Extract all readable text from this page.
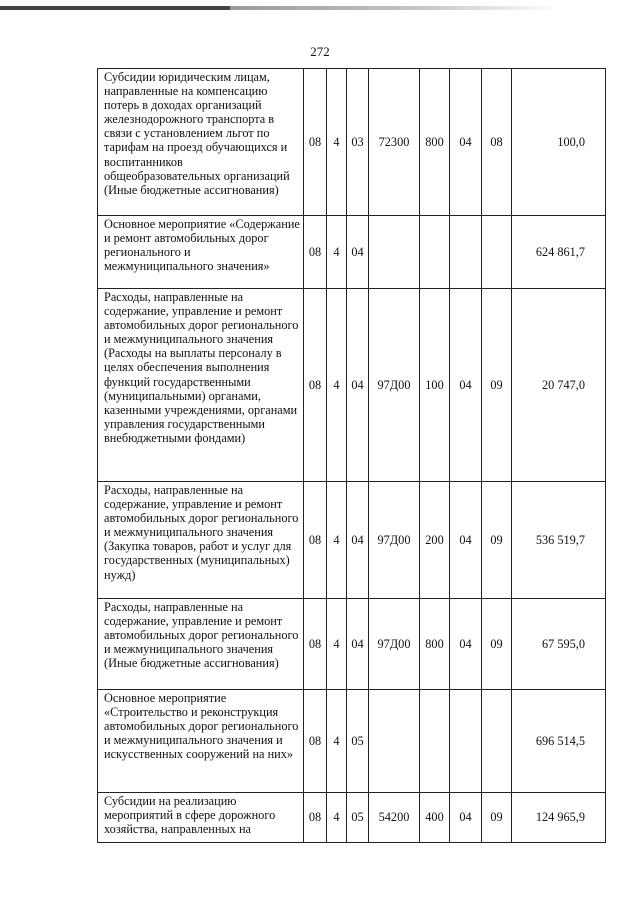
272
Субсидии юридическим лицам, направленные на компенсацию потерь в доходах организаций железнодорожного транспорта в связи с установлением льгот по тарифам на проезд обучающихся и воспитанников общеобразовательных организаций (Иные бюджетные ассигнования)	08	4	03	72300	800	04	08	100,0
Основное мероприятие «Содержание и ремонт автомобильных дорог регионального и межмуниципального значения»	08	4	04					624 861,7
Расходы, направленные на содержание, управление и ремонт автомобильных дорог регионального и межмуниципального значения (Расходы на выплаты персоналу в целях обеспечения выполнения функций государственными (муниципальными) органами, казенными учреждениями, органами управления государственными внебюджетными фондами)	08	4	04	97Д00	100	04	09	20 747,0
Расходы, направленные на содержание, управление и ремонт автомобильных дорог регионального и межмуниципального значения (Закупка товаров, работ и услуг для государственных (муниципальных) нужд)	08	4	04	97Д00	200	04	09	536 519,7
Расходы, направленные на содержание, управление и ремонт автомобильных дорог регионального и межмуниципального значения (Иные бюджетные ассигнования)	08	4	04	97Д00	800	04	09	67 595,0
Основное мероприятие «Строительство и реконструкция автомобильных дорог регионального и межмуниципального значения и искусственных сооружений на них»	08	4	05					696 514,5
Субсидии на реализацию мероприятий в сфере дорожного хозяйства, направленных на	08	4	05	54200	400	04	09	124 965,9
